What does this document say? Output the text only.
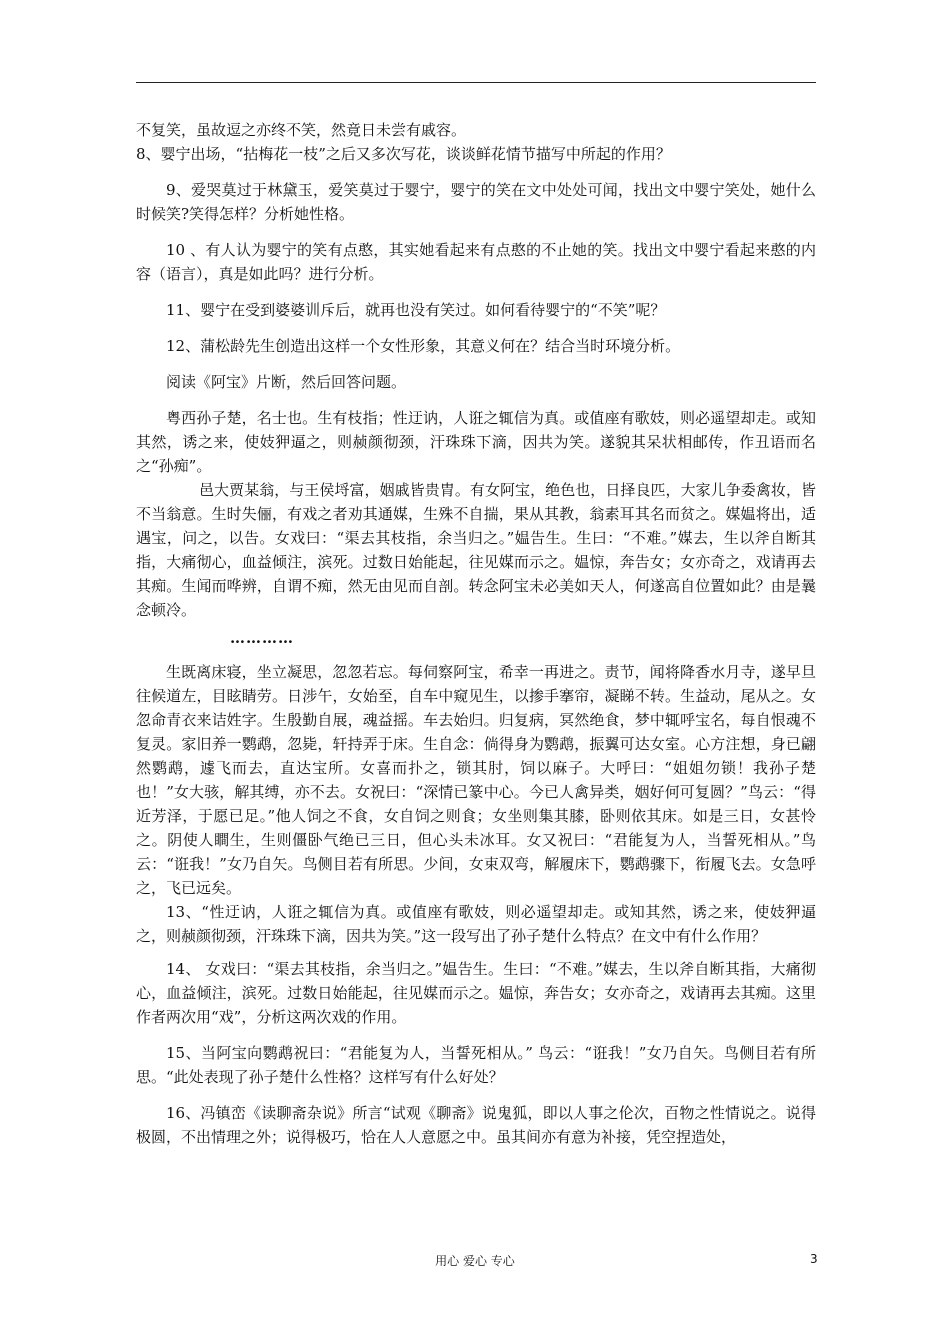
不复笑，虽故逗之亦终不笑，然竟日未尝有戚容。

8、婴宁出场，“拈梅花一枝”之后又多次写花，谈谈鲜花情节描写中所起的作用？

9、爱哭莫过于林黛玉，爱笑莫过于婴宁，婴宁的笑在文中处处可闻，找出文中婴宁笑处，她什么时候笑?笑得怎样？分析她性格。

10 、有人认为婴宁的笑有点憨，其实她看起来有点憨的不止她的笑。找出文中婴宁看起来憨的内容（语言），真是如此吗？进行分析。

11、婴宁在受到婆婆训斥后，就再也没有笑过。如何看待婴宁的“不笑”呢？

12、蒲松龄先生创造出这样一个女性形象，其意义何在？结合当时环境分析。

阅读《阿宝》片断，然后回答问题。

粤西孙子楚，名士也。生有枝指；性迂讷，人诳之辄信为真。或值座有歌妓，则必遥望却走。或知其然，诱之来，使妓狎逼之，则赪颜彻颈，汗珠珠下滴，因共为笑。遂貌其呆状相邮传，作丑语而名之“孙痴”。

邑大贾某翁，与王侯埒富，姻戚皆贵胄。有女阿宝，绝色也，日择良匹，大家儿争委禽妆，皆不当翁意。生时失俪，有戏之者劝其通媒，生殊不自揣，果从其教，翁素耳其名而贫之。媒媪将出，适遇宝，问之，以告。女戏曰：“渠去其枝指，余当归之。”媪告生。生曰：“不难。”媒去，生以斧自断其指，大痛彻心，血益倾注，滨死。过数日始能起，往见媒而示之。媪惊，奔告女；女亦奇之，戏请再去其痴。生闻而哗辨，自谓不痴，然无由见而自剖。转念阿宝未必美如天人，何遂高自位置如此？由是曩念顿冷。

…………

生既离床寝，坐立凝思，忽忽若忘。每伺察阿宝，希幸一再进之。责节，闻将降香水月寺，遂早旦往候道左，目眩睛劳。日涉午，女始至，自车中窥见生，以掺手搴帘，凝睇不转。生益动，尾从之。女忽命青衣来诘姓字。生殷勤自展，魂益摇。车去始归。归复病，冥然绝食，梦中辄呼宝名，每自恨魂不复灵。家旧养一鹦鹉，忽毙，轩持弄于床。生自念：倘得身为鹦鹉，振翼可达女室。心方注想，身已翩然鹦鹉，遽飞而去，直达宝所。女喜而扑之，锁其肘，饲以麻子。大呼曰：“姐姐勿锁！我孙子楚也！”女大骇，解其缚，亦不去。女祝曰：“深情已篆中心。今已人禽异类，姻好何可复圆？”鸟云：“得近芳泽，于愿已足。”他人饲之不食，女自饲之则食；女坐则集其膝，卧则依其床。如是三日，女甚怜之。阴使人瞷生，生则僵卧气绝已三日，但心头未冰耳。女又祝曰：“君能复为人，当誓死相从。”鸟云：“诳我！”女乃自矢。鸟侧目若有所思。少间，女束双弯，解履床下，鹦鹉骤下，衔履飞去。女急呼之，飞已远矣。

13、“性迂讷，人诳之辄信为真。或值座有歌妓，则必遥望却走。或知其然，诱之来，使妓狎逼之，则赪颜彻颈，汗珠珠下滴，因共为笑。”这一段写出了孙子楚什么特点？在文中有什么作用？

14、 女戏曰：“渠去其枝指，余当归之。”媪告生。生曰：“不难。”媒去，生以斧自断其指，大痛彻心，血益倾注，滨死。过数日始能起，往见媒而示之。媪惊，奔告女；女亦奇之，戏请再去其痴。这里作者两次用“戏”，分析这两次戏的作用。

15、当阿宝向鹦鹉祝曰：“君能复为人，当誓死相从。” 鸟云：“诳我！”女乃自矢。鸟侧目若有所思。“此处表现了孙子楚什么性格？这样写有什么好处？

16、冯镇峦《读聊斋杂说》所言“试观《聊斋》说鬼狐，即以人事之伦次，百物之性情说之。说得极圆，不出情理之外；说得极巧，恰在人人意愿之中。虽其间亦有意为补接，凭空捏造处，

用心 爱心 专心	3
